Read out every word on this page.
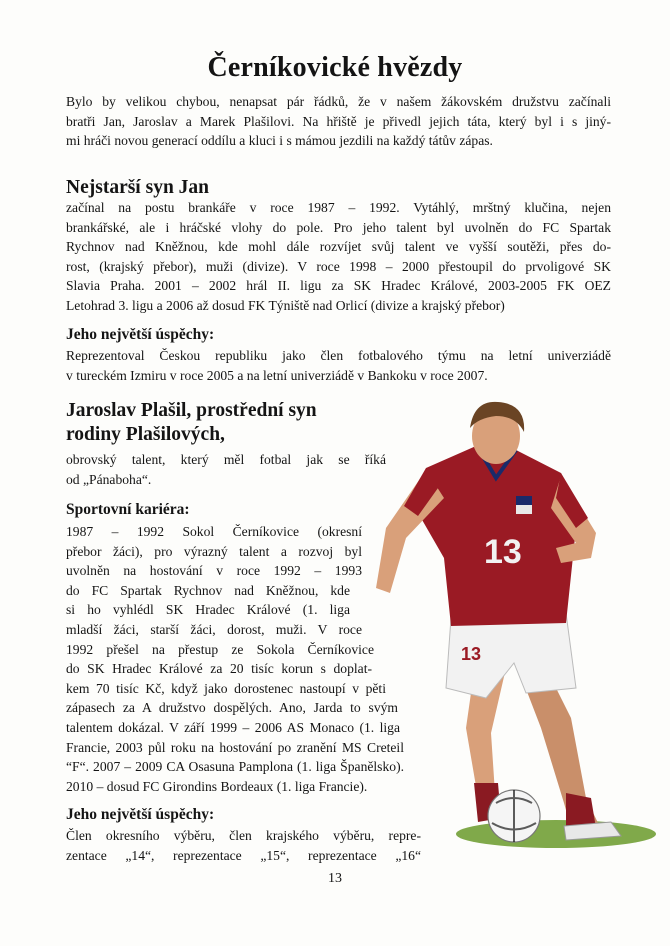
Černíkovické hvězdy
Bylo by velikou chybou, nenapsat pár řádků, že v našem žákovském družstvu začínali
bratři Jan, Jaroslav a Marek Plašilovi. Na hřiště je přivedl jejich táta, který byl i s jiný-
mi hráči novou generací oddílu a kluci i s mámou jezdili na každý tátův zápas.
Nejstarší syn Jan
začínal na postu brankáře v roce 1987 – 1992. Vytáhlý, mrštný klučina, nejen
brankářské, ale i hráčské vlohy do pole. Pro jeho talent byl uvolněn do FC Spartak
Rychnov nad Kněžnou, kde mohl dále rozvíjet svůj talent ve vyšší soutěži, přes do-
rost, (krajský přebor), muži (divize). V roce 1998 – 2000 přestoupil do prvoligové SK
Slavia Praha. 2001 – 2002 hrál II. ligu za SK Hradec Králové, 2003-2005 FK OEZ
Letohrad 3. ligu a 2006 až dosud FK Týniště nad Orlicí (divize a krajský přebor)
Jeho největší úspěchy:
Reprezentoval Českou republiku jako člen fotbalového týmu na letní univerziádě
v tureckém Izmiru v roce 2005 a na letní univerziádě v Bankoku v roce 2007.
Jaroslav Plašil, prostřední syn
rodiny Plašilových,
obrovský talent, který měl fotbal jak se říká
od „Pánaboha“.
Sportovní kariéra:
1987 – 1992 Sokol Černíkovice (okresní
přebor žáci), pro výrazný talent a rozvoj byl
uvolněn na hostování v roce 1992 – 1993
do FC Spartak Rychnov nad Kněžnou, kde
si ho vyhlédl SK Hradec Králové (1. liga
mladší žáci, starší žáci, dorost, muži. V roce
1992 přešel na přestup ze Sokola Černíkovice
do SK Hradec Králové za 20 tisíc korun s doplat-
kem 70 tisíc Kč, když jako dorostenec nastoupí v pěti
zápasech za A družstvo dospělých. Ano, Jarda to svým
talentem dokázal. V září 1999 – 2006 AS Monaco (1. liga
Francie, 2003 půl roku na hostování po zranění MS Creteil
“F“. 2007 – 2009 CA Osasuna Pamplona (1. liga Španělsko).
2010 – dosud FC Girondins Bordeaux (1. liga Francie).
Jeho největší úspěchy:
Člen okresního výběru, člen krajského výběru, repre-
zentace „14“, reprezentace „15“, reprezentace „16“
13
13
13
